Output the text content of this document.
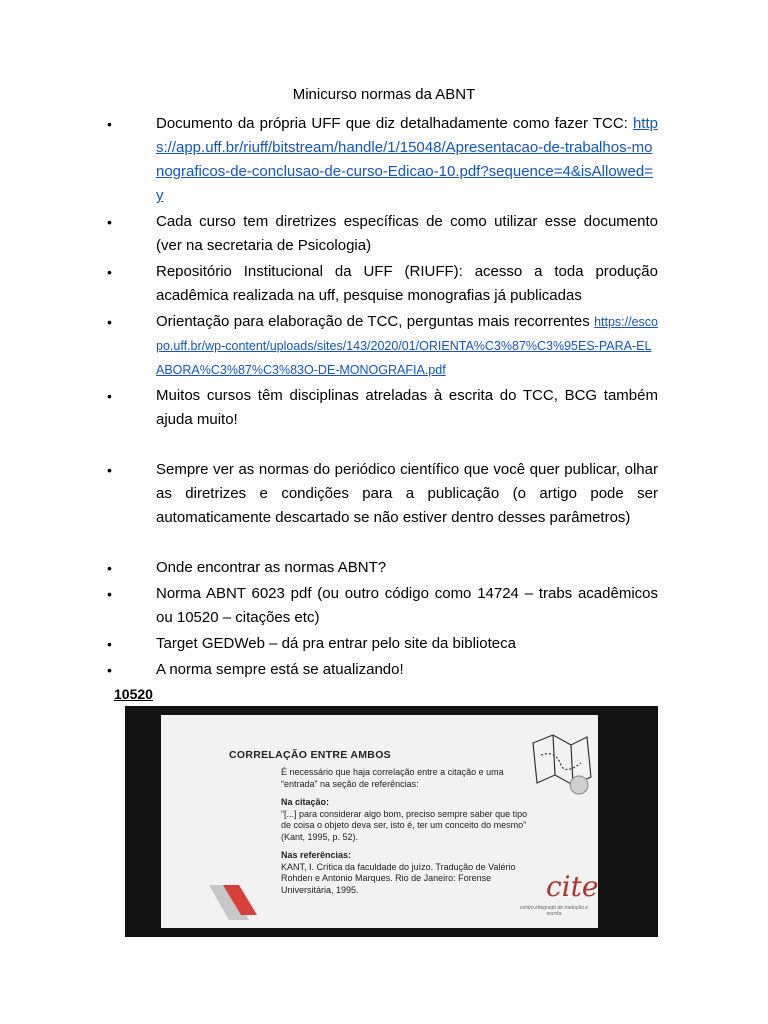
Minicurso normas da ABNT
• Documento da própria UFF que diz detalhadamente como fazer TCC: https://app.uff.br/riuff/bitstream/handle/1/15048/Apresentacao-de-trabalhos-monograficos-de-conclusao-de-curso-Edicao-10.pdf?sequence=4&isAllowed=y
• Cada curso tem diretrizes específicas de como utilizar esse documento (ver na secretaria de Psicologia)
• Repositório Institucional da UFF (RIUFF): acesso a toda produção acadêmica realizada na uff, pesquise monografias já publicadas
• Orientação para elaboração de TCC, perguntas mais recorrentes https://escopo.uff.br/wp-content/uploads/sites/143/2020/01/ORIENTA%C3%87%C3%95ES-PARA-ELABORA%C3%87%C3%83O-DE-MONOGRAFIA.pdf
• Muitos cursos têm disciplinas atreladas à escrita do TCC, BCG também ajuda muito!
• Sempre ver as normas do periódico científico que você quer publicar, olhar as diretrizes e condições para a publicação (o artigo pode ser automaticamente descartado se não estiver dentro desses parâmetros)
• Onde encontrar as normas ABNT?
• Norma ABNT 6023 pdf (ou outro código como 14724 – trabs acadêmicos ou 10520 – citações etc)
• Target GEDWeb – dá pra entrar pelo site da biblioteca
• A norma sempre está se atualizando!
10520
CORRELAÇÃO ENTRE AMBOS
É necessário que haja correlação entre a citação e uma “entrada” na seção de referências:
Na citação:
“[...] para considerar algo bom, preciso sempre saber que tipo de coisa o objeto deva ser, isto é, ter um conceito do mesmo” (Kant, 1995, p. 52).
Nas referências:
KANT, I. Crítica da faculdade do juízo. Tradução de Valério Rohden e Antonio Marques. Rio de Janeiro: Forense Universitária, 1995.	cite
centro integrado de tradução e escrita
